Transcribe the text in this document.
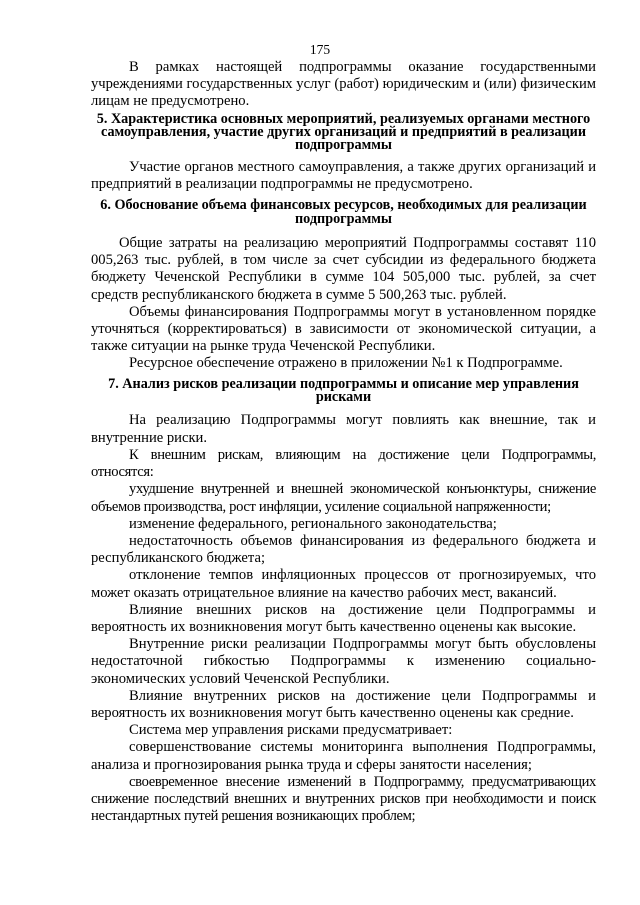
175

В рамках настоящей подпрограммы оказание государственными учреждениями государственных услуг (работ) юридическим и (или) физическим лицам не предусмотрено.

5. Характеристика основных мероприятий, реализуемых органами местного самоуправления, участие других организаций и предприятий в реализации подпрограммы

Участие органов местного самоуправления, а также других организаций и предприятий в реализации подпрограммы не предусмотрено.

6. Обоснование объема финансовых ресурсов, необходимых для реализации подпрограммы

Общие затраты на реализацию мероприятий Подпрограммы составят 110 005,263 тыс. рублей, в том числе за счет субсидии из федерального бюджета бюджету Чеченской Республики в сумме 104 505,000 тыс. рублей, за счет средств республиканского бюджета в сумме 5 500,263 тыс. рублей.

Объемы финансирования Подпрограммы могут в установленном порядке уточняться (корректироваться) в зависимости от экономической ситуации, а также ситуации на рынке труда Чеченской Республики.

Ресурсное обеспечение отражено в приложении №1 к Подпрограмме.

7. Анализ рисков реализации подпрограммы и описание мер управления рисками

На реализацию Подпрограммы могут повлиять как внешние, так и внутренние риски.

К внешним рискам, влияющим на достижение цели Подпрограммы, относятся:

ухудшение внутренней и внешней экономической конъюнктуры, снижение объемов производства, рост инфляции, усиление социальной напряженности;

изменение федерального, регионального законодательства;

недостаточность объемов финансирования из федерального бюджета и республиканского бюджета;

отклонение темпов инфляционных процессов от прогнозируемых, что может оказать отрицательное влияние на качество рабочих мест, вакансий.

Влияние внешних рисков на достижение цели Подпрограммы и вероятность их возникновения могут быть качественно оценены как высокие.

Внутренние риски реализации Подпрограммы могут быть обусловлены недостаточной гибкостью Подпрограммы к изменению социально-экономических условий Чеченской Республики.

Влияние внутренних рисков на достижение цели Подпрограммы и вероятность их возникновения могут быть качественно оценены как средние.

Система мер управления рисками предусматривает:

совершенствование системы мониторинга выполнения Подпрограммы, анализа и прогнозирования рынка труда и сферы занятости населения;

своевременное внесение изменений в Подпрограмму, предусматривающих снижение последствий внешних и внутренних рисков при необходимости и поиск нестандартных путей решения возникающих проблем;
